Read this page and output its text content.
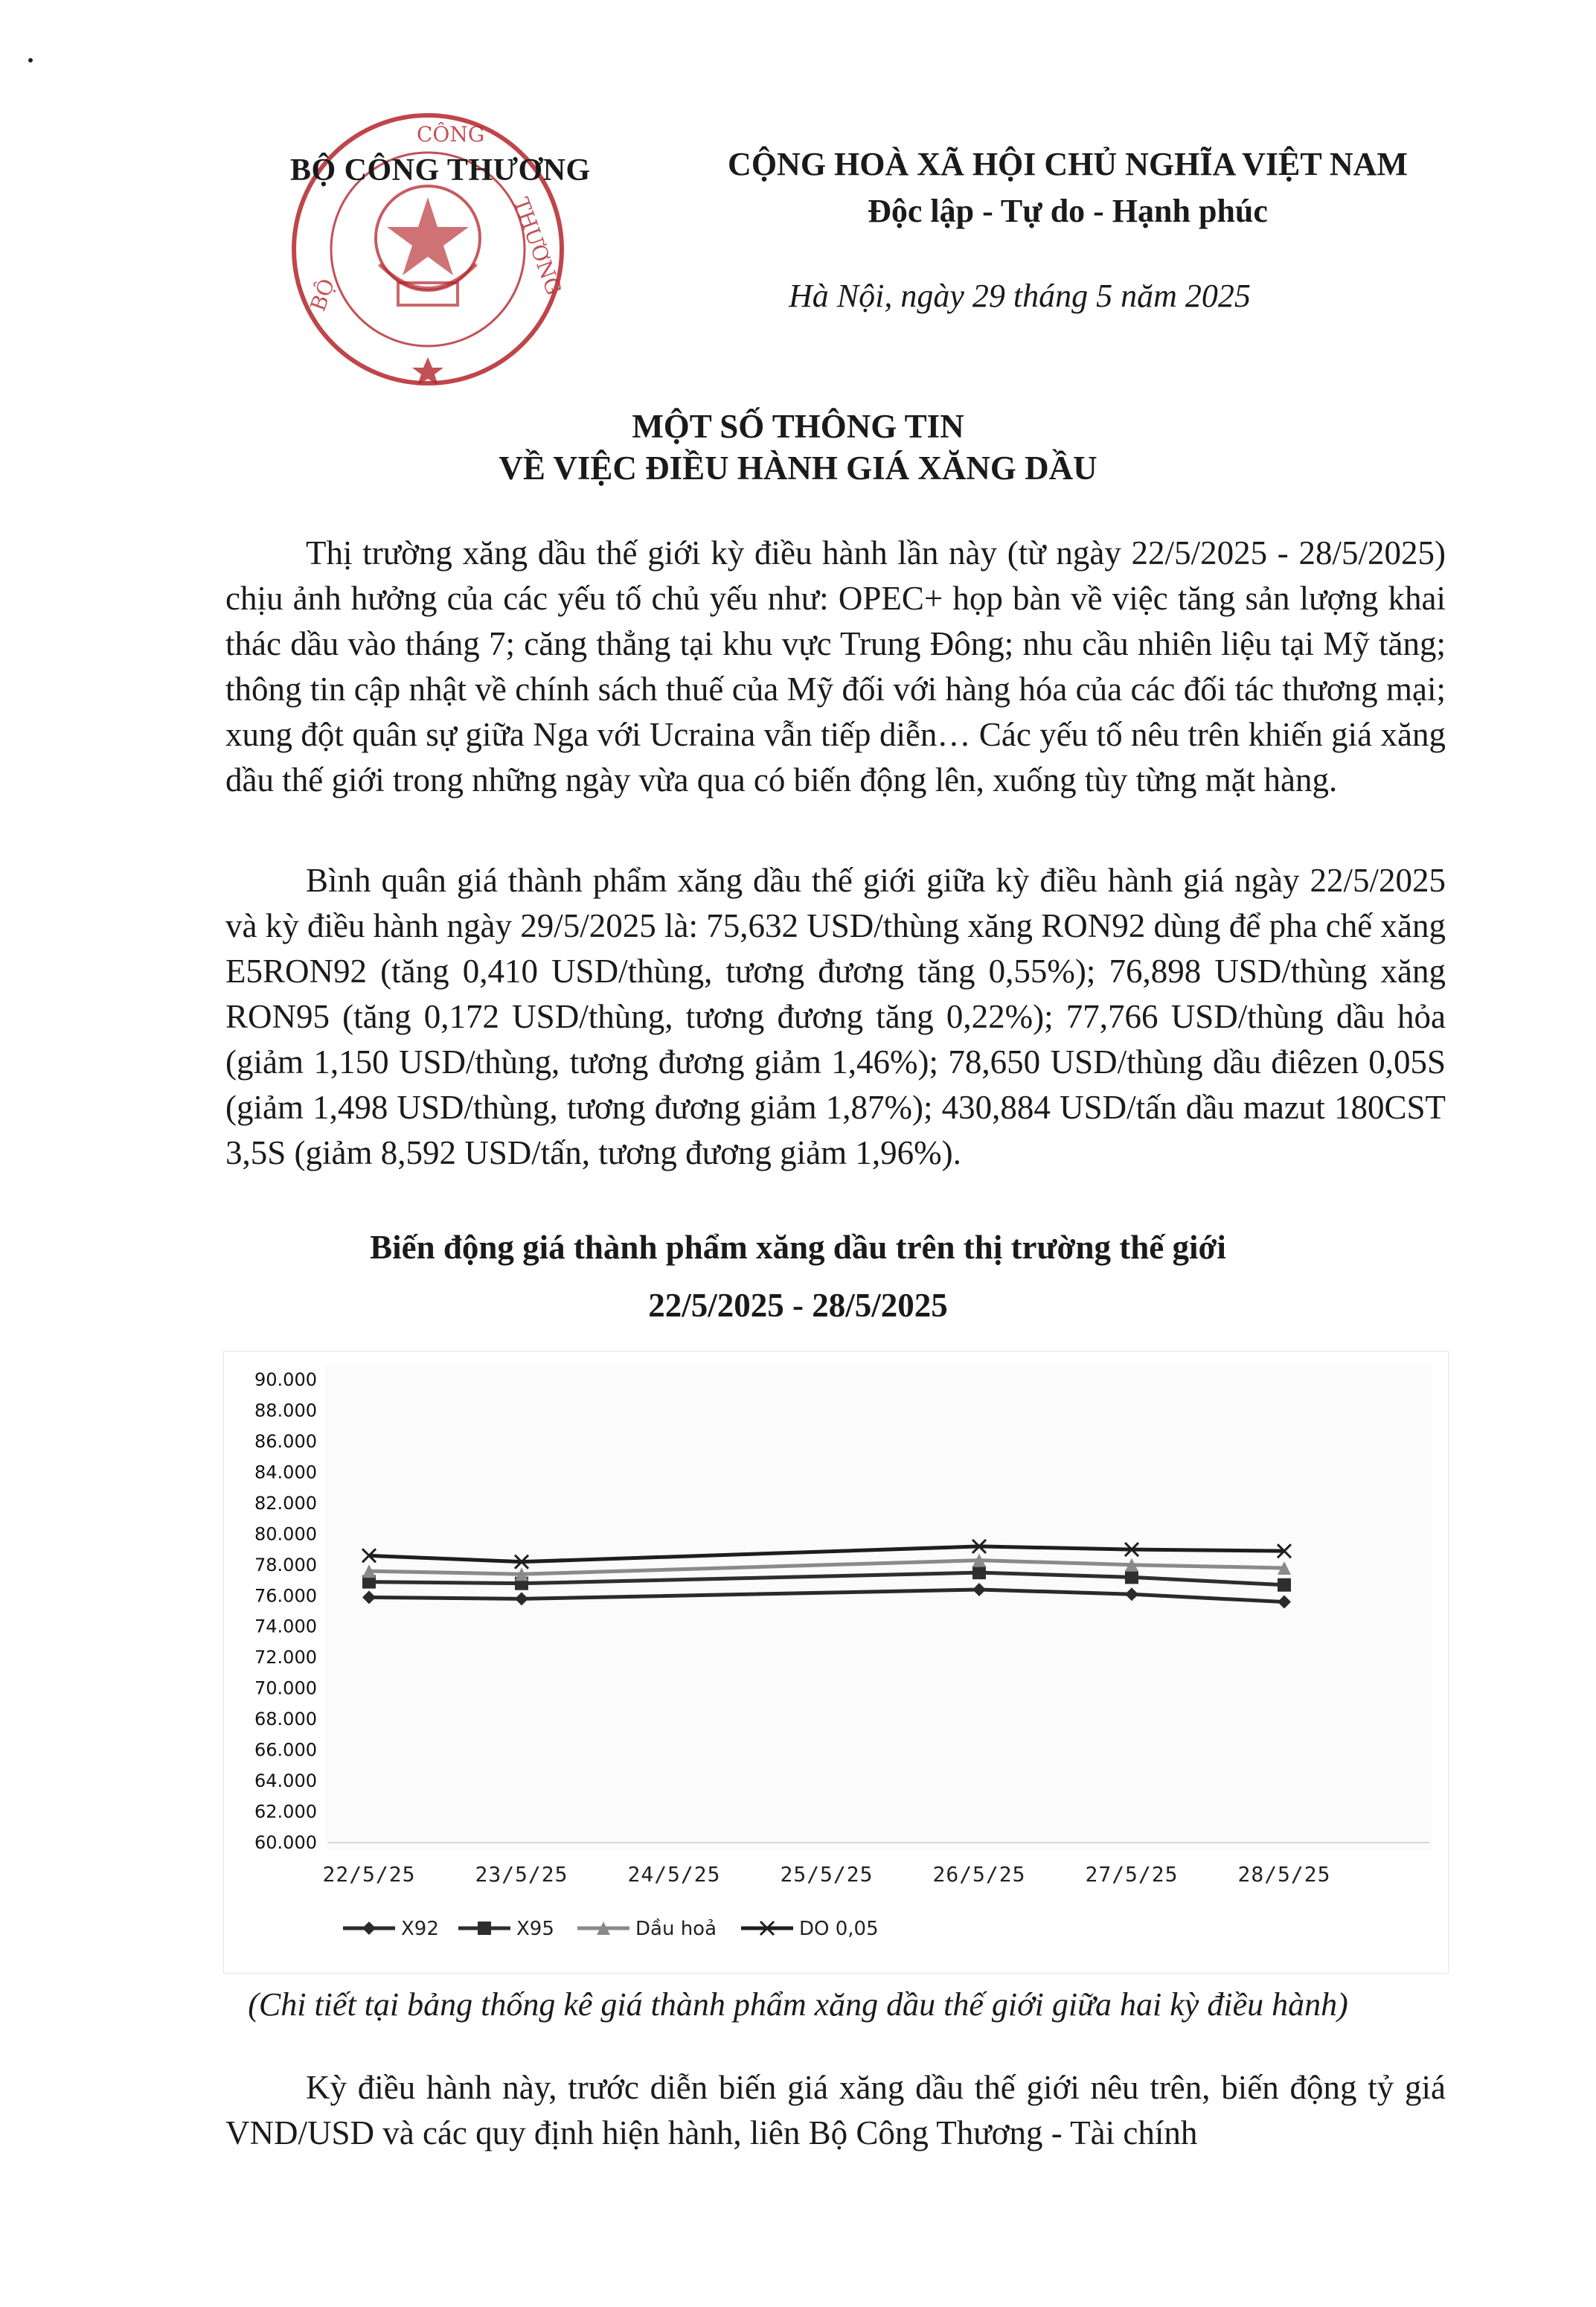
CÔNG
BỘ	THƯƠNG
BỘ CÔNG THƯƠNG	CỘNG HOÀ XÃ HỘI CHỦ NGHĨA VIỆT NAM
Độc lập - Tự do - Hạnh phúc
Hà Nội, ngày 29 tháng 5 năm 2025
MỘT SỐ THÔNG TIN
VỀ VIỆC ĐIỀU HÀNH GIÁ XĂNG DẦU
Thị trường xăng dầu thế giới kỳ điều hành lần này (từ ngày 22/5/2025 - 28/5/2025) chịu ảnh hưởng của các yếu tố chủ yếu như: OPEC+ họp bàn về việc tăng sản lượng khai thác dầu vào tháng 7; căng thẳng tại khu vực Trung Đông; nhu cầu nhiên liệu tại Mỹ tăng; thông tin cập nhật về chính sách thuế của Mỹ đối với hàng hóa của các đối tác thương mại; xung đột quân sự giữa Nga với Ucraina vẫn tiếp diễn… Các yếu tố nêu trên khiến giá xăng dầu thế giới trong những ngày vừa qua có biến động lên, xuống tùy từng mặt hàng.
Bình quân giá thành phẩm xăng dầu thế giới giữa kỳ điều hành giá ngày 22/5/2025 và kỳ điều hành ngày 29/5/2025 là: 75,632 USD/thùng xăng RON92 dùng để pha chế xăng E5RON92 (tăng 0,410 USD/thùng, tương đương tăng 0,55%); 76,898 USD/thùng xăng RON95 (tăng 0,172 USD/thùng, tương đương tăng 0,22%); 77,766 USD/thùng dầu hỏa (giảm 1,150 USD/thùng, tương đương giảm 1,46%); 78,650 USD/thùng dầu điêzen 0,05S (giảm 1,498 USD/thùng, tương đương giảm 1,87%); 430,884 USD/tấn dầu mazut 180CST 3,5S (giảm 8,592 USD/tấn, tương đương giảm 1,96%).
Biến động giá thành phẩm xăng dầu trên thị trường thế giới
22/5/2025 - 28/5/2025
90.000
88.000
86.000
84.000
82.000
80.000
78.000
76.000
74.000
72.000
70.000
68.000
66.000
64.000
62.000
60.000
22/5/25	23/5/25	24/5/25	25/5/25	26/5/25	27/5/25	28/5/25
X92	X95	Dầu hoả	DO 0,05
(Chi tiết tại bảng thống kê giá thành phẩm xăng dầu thế giới giữa hai kỳ điều hành)
Kỳ điều hành này, trước diễn biến giá xăng dầu thế giới nêu trên, biến động tỷ giá VND/USD và các quy định hiện hành, liên Bộ Công Thương - Tài chính
